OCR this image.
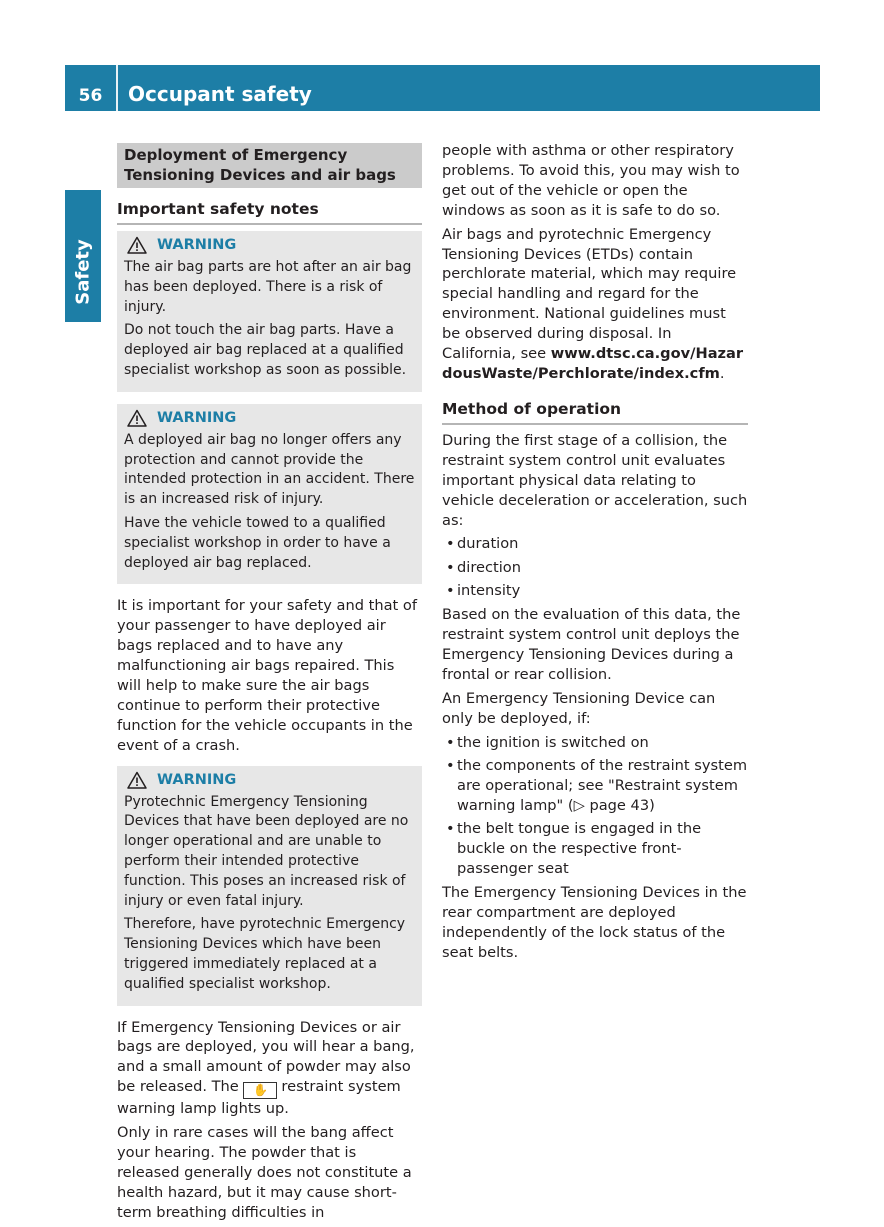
56	Occupant safety
Safety
Deployment of Emergency Tensioning Devices and air bags
Important safety notes
WARNING

The air bag parts are hot after an air bag has been deployed. There is a risk of injury.

Do not touch the air bag parts. Have a deployed air bag replaced at a qualified specialist workshop as soon as possible.

WARNING

A deployed air bag no longer offers any protection and cannot provide the intended protection in an accident. There is an increased risk of injury.

Have the vehicle towed to a qualified specialist workshop in order to have a deployed air bag replaced.

It is important for your safety and that of your passenger to have deployed air bags replaced and to have any malfunctioning air bags repaired. This will help to make sure the air bags continue to perform their protective function for the vehicle occupants in the event of a crash.

WARNING

Pyrotechnic Emergency Tensioning Devices that have been deployed are no longer operational and are unable to perform their intended protective function. This poses an increased risk of injury or even fatal injury.

Therefore, have pyrotechnic Emergency Tensioning Devices which have been triggered immediately replaced at a qualified specialist workshop.

If Emergency Tensioning Devices or air bags are deployed, you will hear a bang, and a small amount of powder may also be released. The ✋ restraint system warning lamp lights up.

Only in rare cases will the bang affect your hearing. The powder that is released generally does not constitute a health hazard, but it may cause short-term breathing difficulties in

people with asthma or other respiratory problems. To avoid this, you may wish to get out of the vehicle or open the windows as soon as it is safe to do so.

Air bags and pyrotechnic Emergency Tensioning Devices (ETDs) contain perchlorate material, which may require special handling and regard for the environment. National guidelines must be observed during disposal. In California, see www.dtsc.ca.gov/HazardousWaste/Perchlorate/index.cfm.

Method of operation

During the first stage of a collision, the restraint system control unit evaluates important physical data relating to vehicle deceleration or acceleration, such as:

• duration
• direction
• intensity

Based on the evaluation of this data, the restraint system control unit deploys the Emergency Tensioning Devices during a frontal or rear collision.

An Emergency Tensioning Device can only be deployed, if:

• the ignition is switched on
• the components of the restraint system are operational; see "Restraint system warning lamp" (▷ page 43)
• the belt tongue is engaged in the buckle on the respective front-passenger seat

The Emergency Tensioning Devices in the rear compartment are deployed independently of the lock status of the seat belts.
